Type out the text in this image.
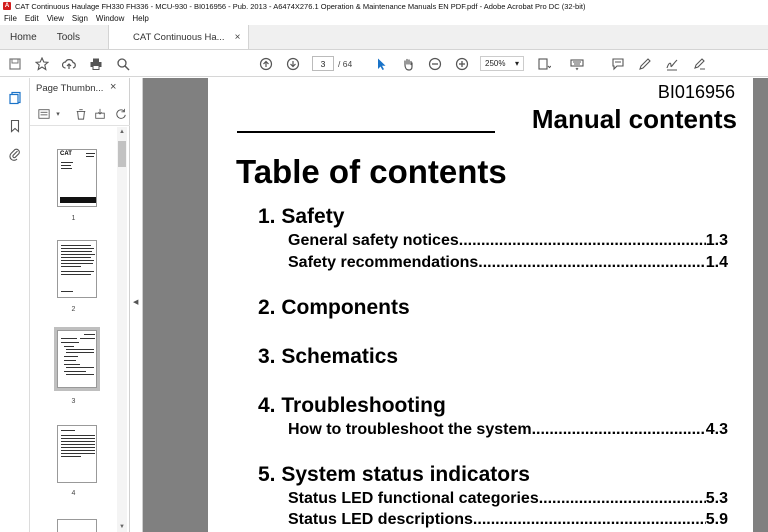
A CAT Continuous Haulage FH330 FH336 - MCU-930 - BI016956 - Pub. 2013 - A6474X276.1 Operation & Maintenance Manuals EN PDF.pdf - Adobe Acrobat Pro DC (32-bit)
File Edit View Sign Window Help
Home	Tools	CAT Continuous Ha... ×
3	/ 64	250% ▾
Page Thumbn... ×
▾
CAT
1
2
3
4
▲
▼
◀
BI016956
Manual contents
Table of contents
1. Safety
General safety notices .....	1.3
Safety recommendations .....	1.4
2. Components
3. Schematics
4. Troubleshooting
How to troubleshoot the system .....	4.3
5. System status indicators
Status LED functional categories .....	5.3
Status LED descriptions .....	5.9
